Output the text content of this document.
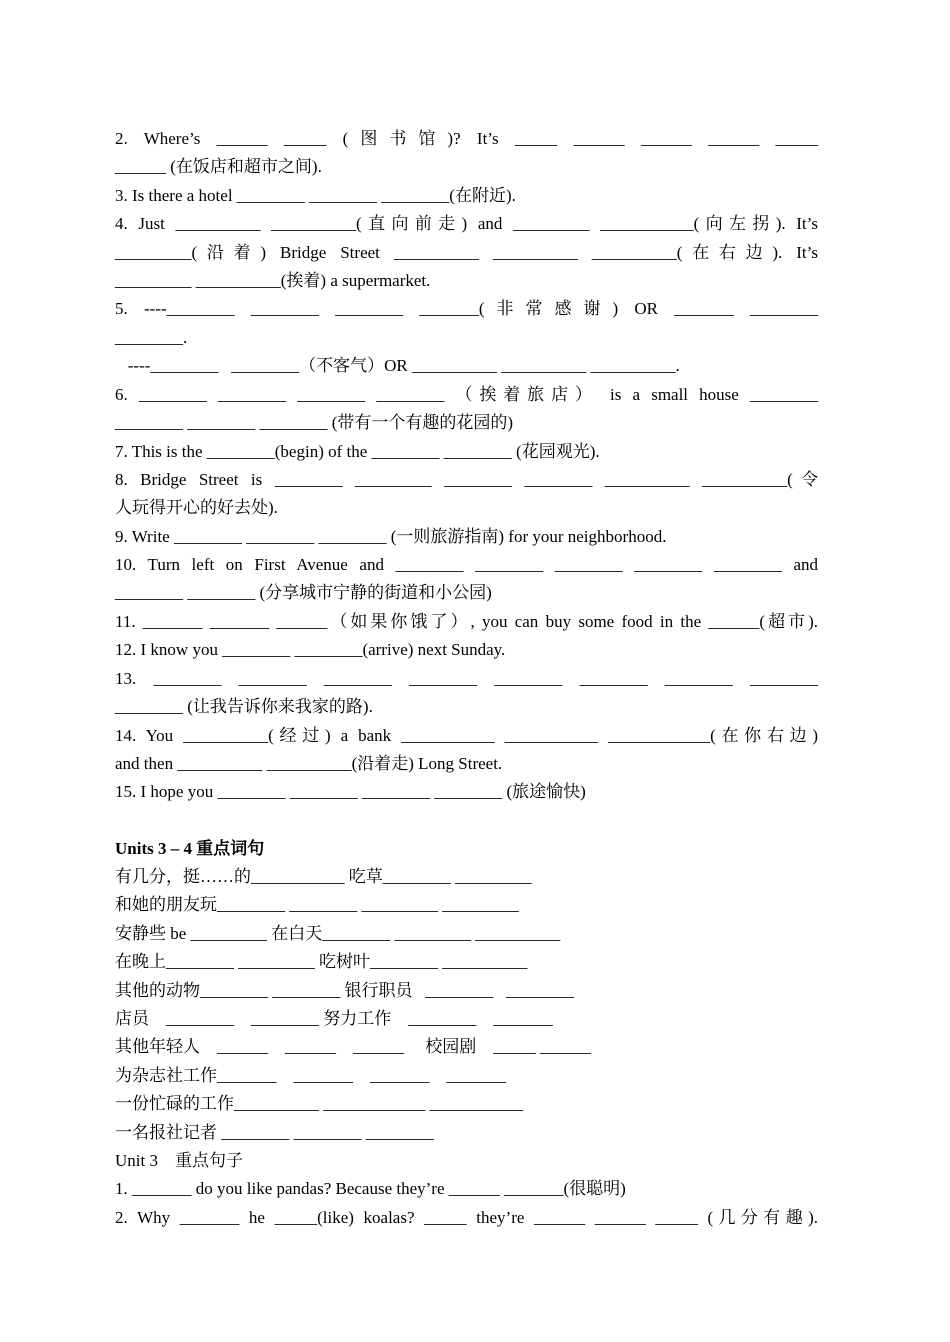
2. Where’s ______ _____ (图书馆)? It’s _____ ______ ______ ______ _____
______ (在饭店和超市之间).
3. Is there a hotel ________ ________ ________(在附近).
4. Just __________ __________(直向前走) and _________ ___________(向左拐). It’s
_________(沿着) Bridge Street __________ __________ __________(在右边). It’s
_________ __________(挨着) a supermarket.
5. ----________ ________ ________ _______(非常感谢) OR _______ ________
________.
----________   ________（不客气）OR __________ __________ __________.
6. ________ ________ ________ ________ （挨着旅店） is a small house ________
________ ________ ________ (带有一个有趣的花园的)
7. This is the ________(begin) of the ________ ________ (花园观光).
8. Bridge Street is ________ _________ ________ ________ __________ __________(令
人玩得开心的好去处).
9. Write ________ ________ ________ (一则旅游指南) for your neighborhood.
10. Turn left on First Avenue and ________ ________ ________ ________ ________ and
________ ________ (分享城市宁静的街道和小公园)
11. _______ _______ ______（如果你饿了）, you can buy some food in the ______(超市).
12. I know you ________ ________(arrive) next Sunday.
13. ________ ________ ________ ________ ________ ________ ________ ________
________ (让我告诉你来我家的路).
14. You __________(经过) a bank ___________ ___________ ____________(在你右边)
and then __________ __________(沿着走) Long Street.
15. I hope you ________ ________ ________ ________ (旅途愉快)
Units 3 – 4 重点词句
有几分，挺……的___________ 吃草________ _________
和她的朋友玩________ ________ _________ _________
安静些 be _________ 在白天________ _________ __________
在晚上________ _________ 吃树叶________ __________
其他的动物________ ________ 银行职员   ________   ________
店员    ________    ________ 努力工作    ________    _______
其他年轻人    ______    ______    ______     校园剧    _____ ______
为杂志社工作_______    _______    _______    _______
一份忙碌的工作__________ ____________ ___________
一名报社记者 ________ ________ ________
Unit 3    重点句子
1. _______ do you like pandas? Because they’re ______ _______(很聪明)
2. Why _______ he _____(like) koalas? _____ they’re ______ ______ _____ (几分有趣).
